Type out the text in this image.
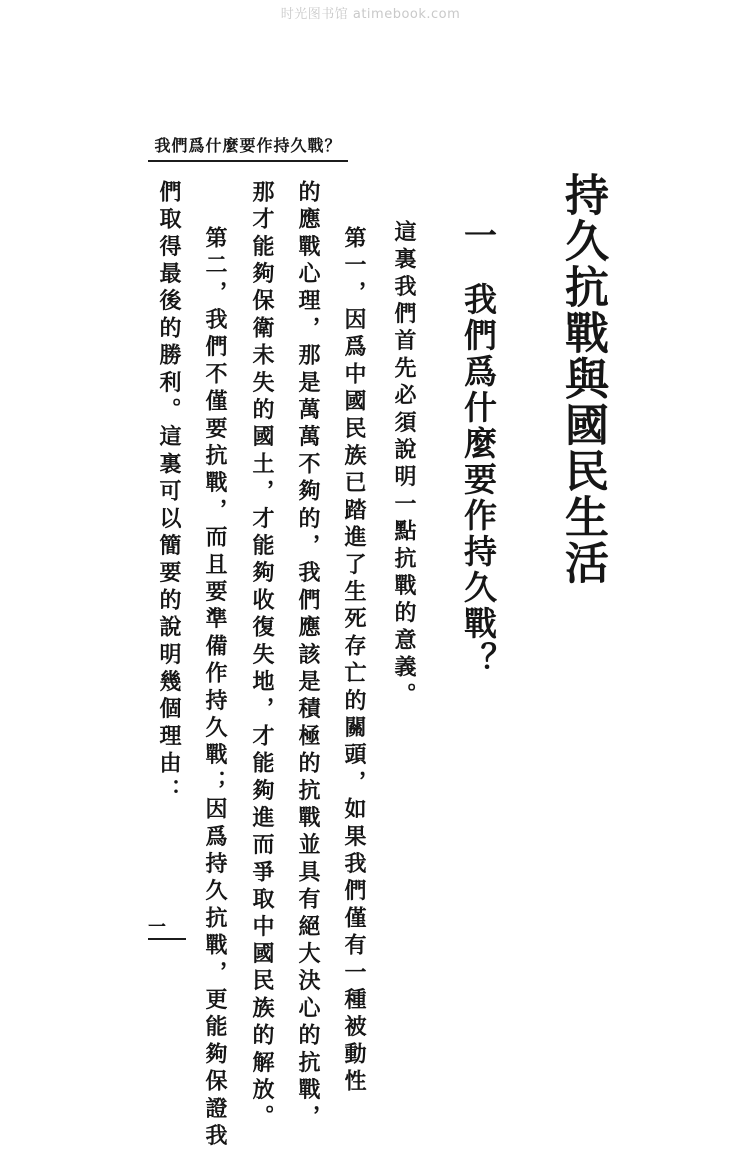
时光图书馆 atimebook.com
我們爲什麼要作持久戰？
持久抗戰與國民生活
一我們爲什麼要作持久戰？
這裏我們首先必須說明一點抗戰的意義。
第一，因爲中國民族已踏進了生死存亡的關頭，如果我們僅有一種被動性
的應戰心理，那是萬萬不夠的，我們應該是積極的抗戰並具有絕大決心的抗戰，
那才能夠保衛未失的國土，才能夠收復失地，才能夠進而爭取中國民族的解放。
第二，我們不僅要抗戰，而且要準備作持久戰；因爲持久抗戰，更能夠保證我
們取得最後的勝利。這裏可以簡要的說明幾個理由：
一
